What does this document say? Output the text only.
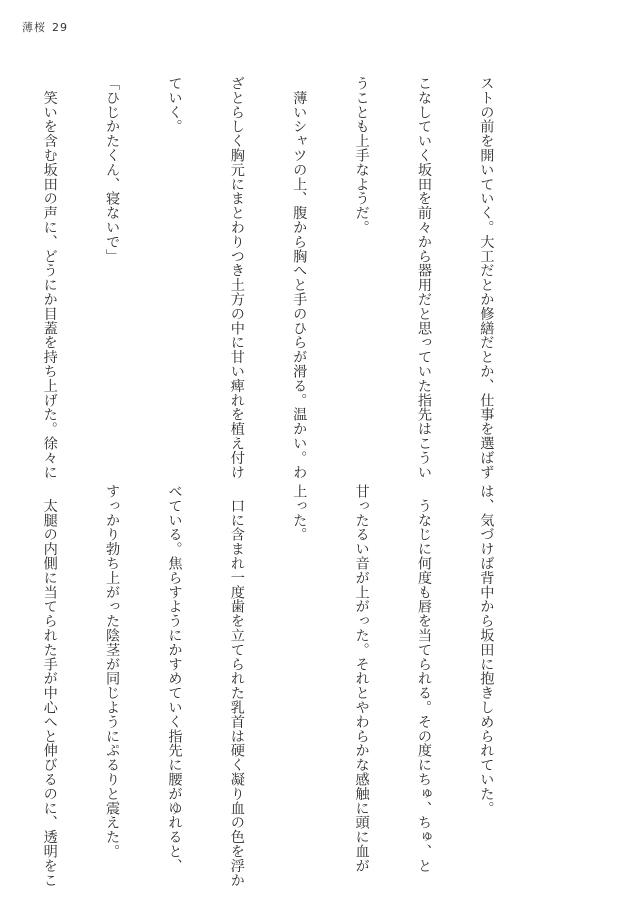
薄桜 29

ストの前を開いていく。大工だとか修繕だとか、仕事を選ばず

こなしていく坂田を前々から器用だと思っていた指先はこうい

うことも上手なようだ。

　薄いシャツの上、腹から胸へと手のひらが滑る。温かい。わ

ざとらしく胸元にまとわりつき土方の中に甘い痺れを植え付け

ていく。

「ひじかたくん、寝ないで」

　笑いを含む坂田の声に、どうにか目蓋を持ち上げた。徐々に

は、気づけば背中から坂田に抱きしめられていた。

　うなじに何度も唇を当てられる。その度にちゅ、ちゅ、と

甘ったるい音が上がった。それとやわらかな感触に頭に血が

上った。

　口に含まれ一度歯を立てられた乳首は硬く凝り血の色を浮か

べている。焦らすようにかすめていく指先に腰がゆれると、

すっかり勃ち上がった陰茎が同じようにぷるりと震えた。

　太腿の内側に当てられた手が中心へと伸びるのに、透明をこ
